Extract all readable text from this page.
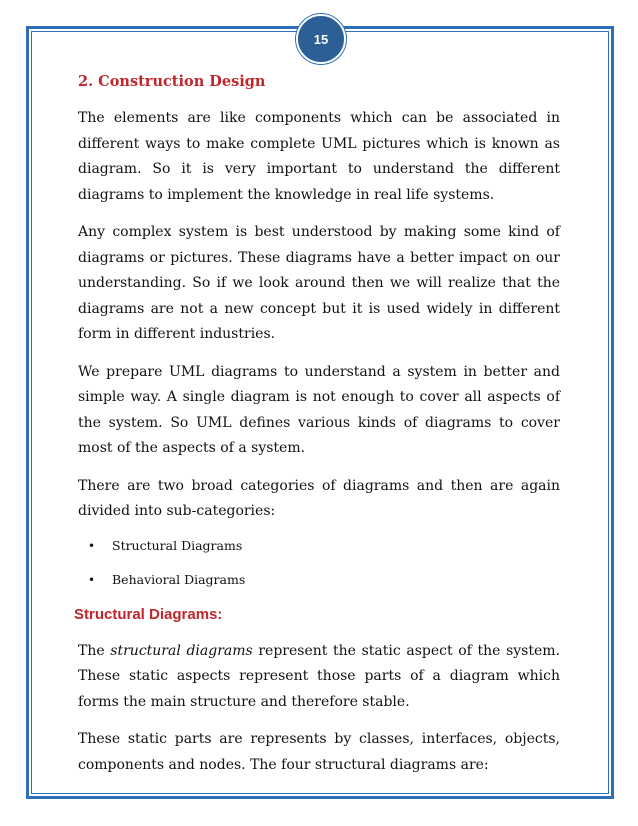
15
2. Construction Design

The elements are like components which can be associated in different ways to make complete UML pictures which is known as diagram. So it is very important to understand the different diagrams to implement the knowledge in real life systems.

Any complex system is best understood by making some kind of diagrams or pictures. These diagrams have a better impact on our understanding. So if we look around then we will realize that the diagrams are not a new concept but it is used widely in different form in different industries.

We prepare UML diagrams to understand a system in better and simple way. A single diagram is not enough to cover all aspects of the system. So UML defines various kinds of diagrams to cover most of the aspects of a system.

There are two broad categories of diagrams and then are again divided into sub-categories:

• Structural Diagrams
• Behavioral Diagrams
Structural Diagrams:

The structural diagrams represent the static aspect of the system. These static aspects represent those parts of a diagram which forms the main structure and therefore stable.

These static parts are represents by classes, interfaces, objects, components and nodes. The four structural diagrams are:
